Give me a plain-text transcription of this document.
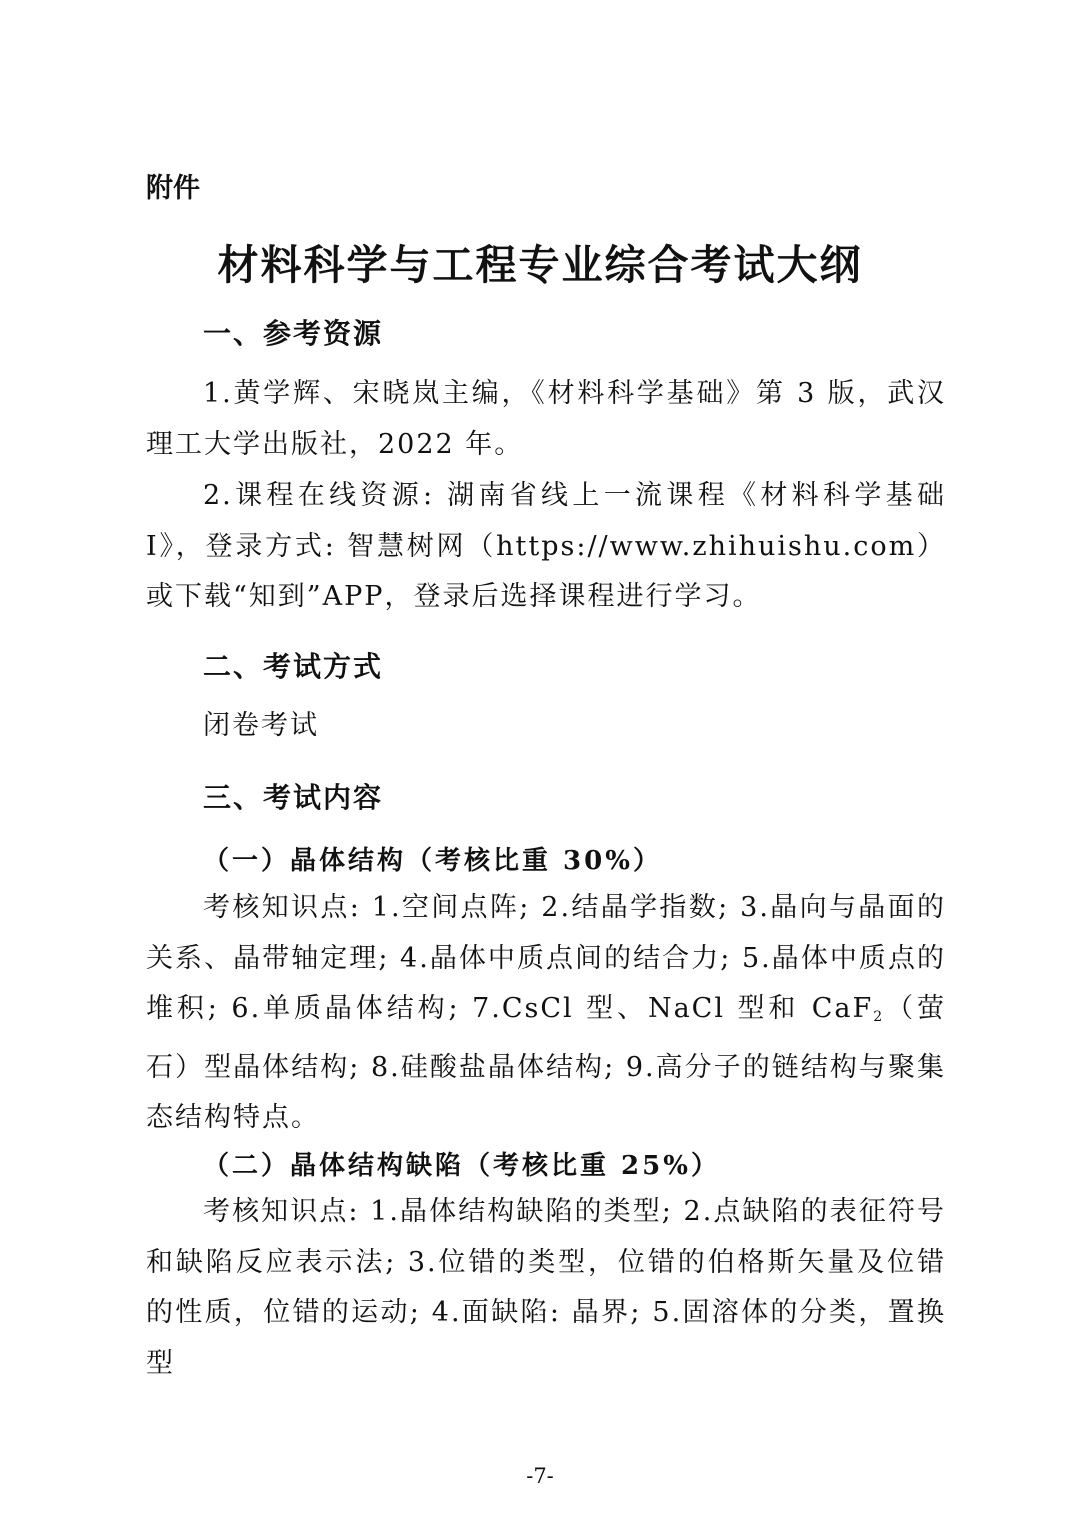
附件
材料科学与工程专业综合考试大纲
一、参考资源

1.黄学辉、宋晓岚主编，《材料科学基础》第 3 版，武汉理工大学出版社，2022 年。

2.课程在线资源: 湖南省线上一流课程《材料科学基础 I》，登录方式: 智慧树网（https://www.zhihuishu.com）或下载“知到”APP，登录后选择课程进行学习。

二、考试方式

闭卷考试

三、考试内容
（一）晶体结构（考核比重 30%）

考核知识点: 1.空间点阵; 2.结晶学指数; 3.晶向与晶面的关系、晶带轴定理; 4.晶体中质点间的结合力; 5.晶体中质点的堆积; 6.单质晶体结构; 7.CsCl 型、NaCl 型和 CaF$_2$（萤石）型晶体结构; 8.硅酸盐晶体结构; 9.高分子的链结构与聚集态结构特点。

（二）晶体结构缺陷（考核比重 25%）

考核知识点: 1.晶体结构缺陷的类型; 2.点缺陷的表征符号和缺陷反应表示法; 3.位错的类型，位错的伯格斯矢量及位错的性质，位错的运动; 4.面缺陷: 晶界; 5.固溶体的分类，置换型

-7-
